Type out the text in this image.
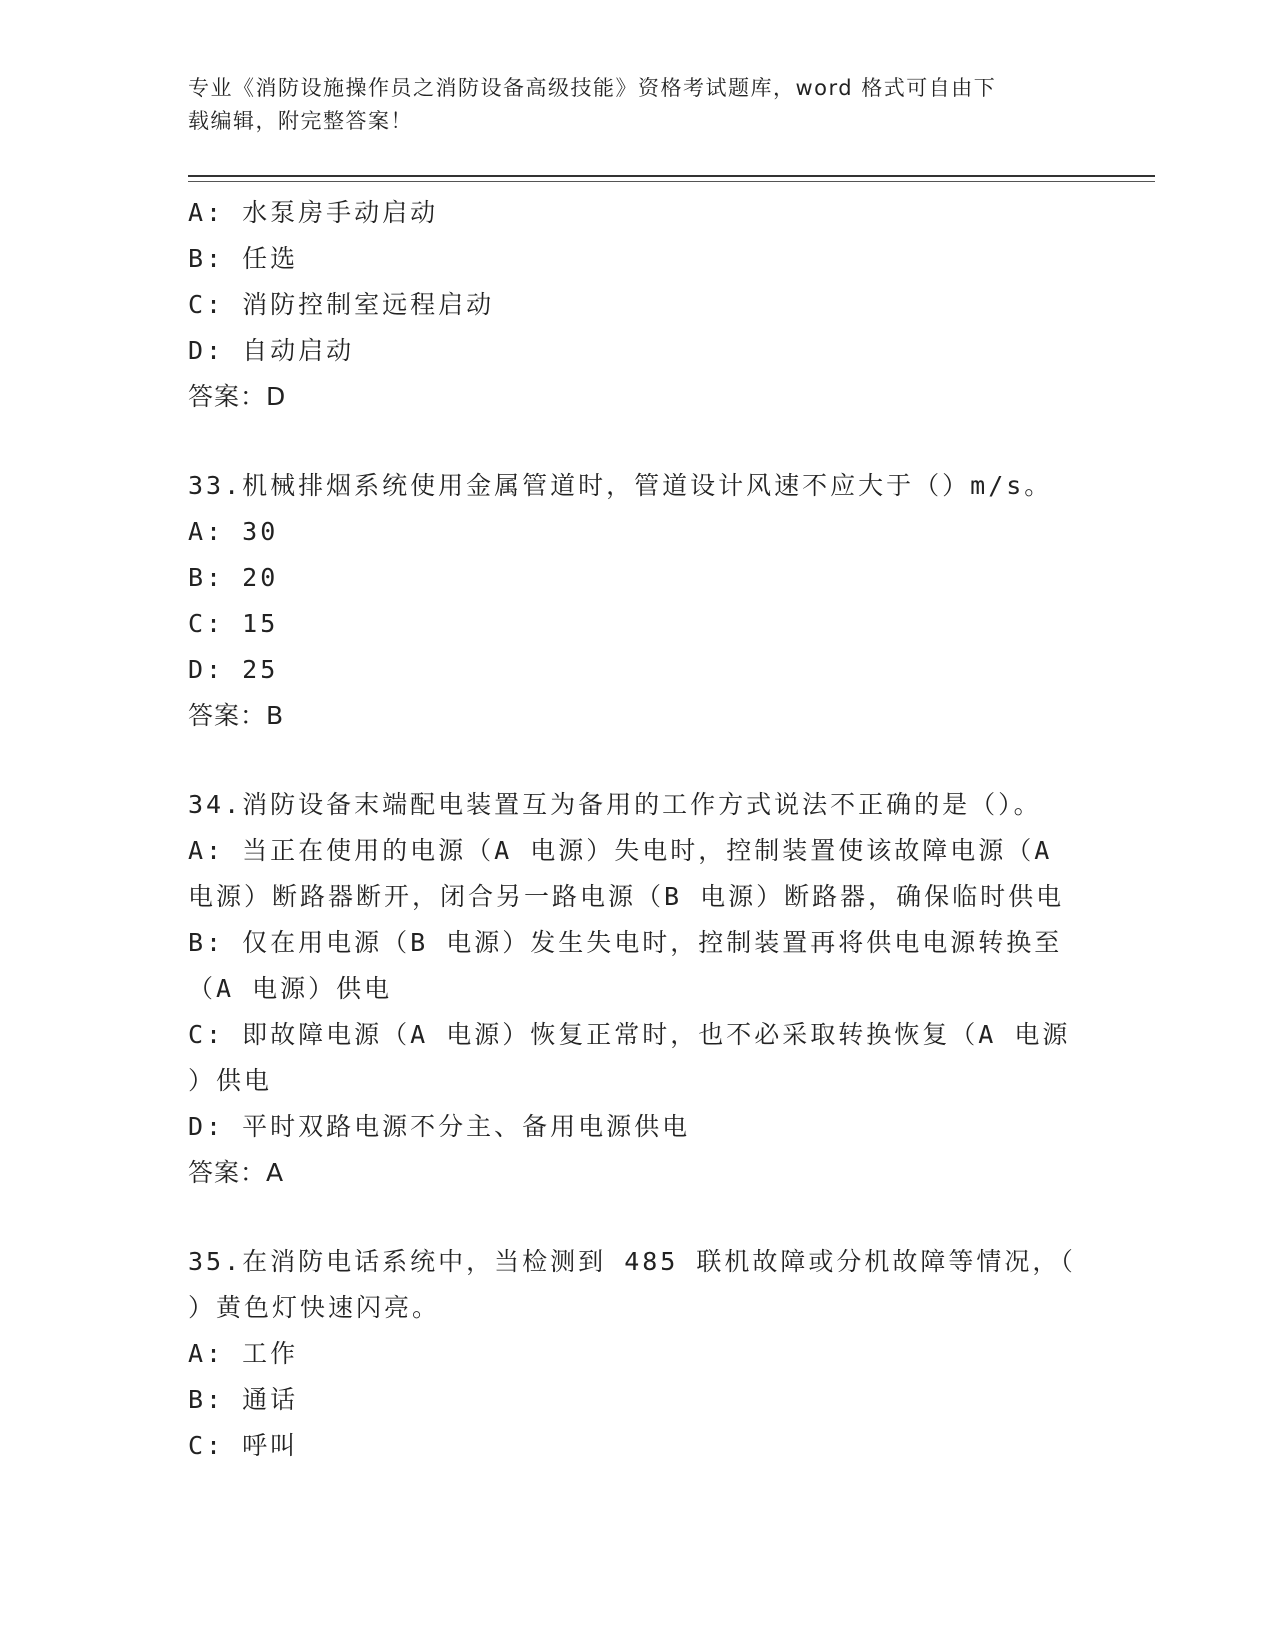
专业《消防设施操作员之消防设备高级技能》资格考试题库，word 格式可自由下
载编辑，附完整答案！
A: 水泵房手动启动
B: 任选
C: 消防控制室远程启动
D: 自动启动
答案：D
33.机械排烟系统使用金属管道时，管道设计风速不应大于（）m/s。
A: 30
B: 20
C: 15
D: 25
答案：B
34.消防设备末端配电装置互为备用的工作方式说法不正确的是（）。
A: 当正在使用的电源（A 电源）失电时，控制装置使该故障电源（A
电源）断路器断开，闭合另一路电源（B 电源）断路器，确保临时供电
B: 仅在用电源（B 电源）发生失电时，控制装置再将供电电源转换至
（A 电源）供电
C: 即故障电源（A 电源）恢复正常时，也不必采取转换恢复（A 电源
）供电
D: 平时双路电源不分主、备用电源供电
答案：A
35.在消防电话系统中，当检测到 485 联机故障或分机故障等情况，（
）黄色灯快速闪亮。
A: 工作
B: 通话
C: 呼叫
